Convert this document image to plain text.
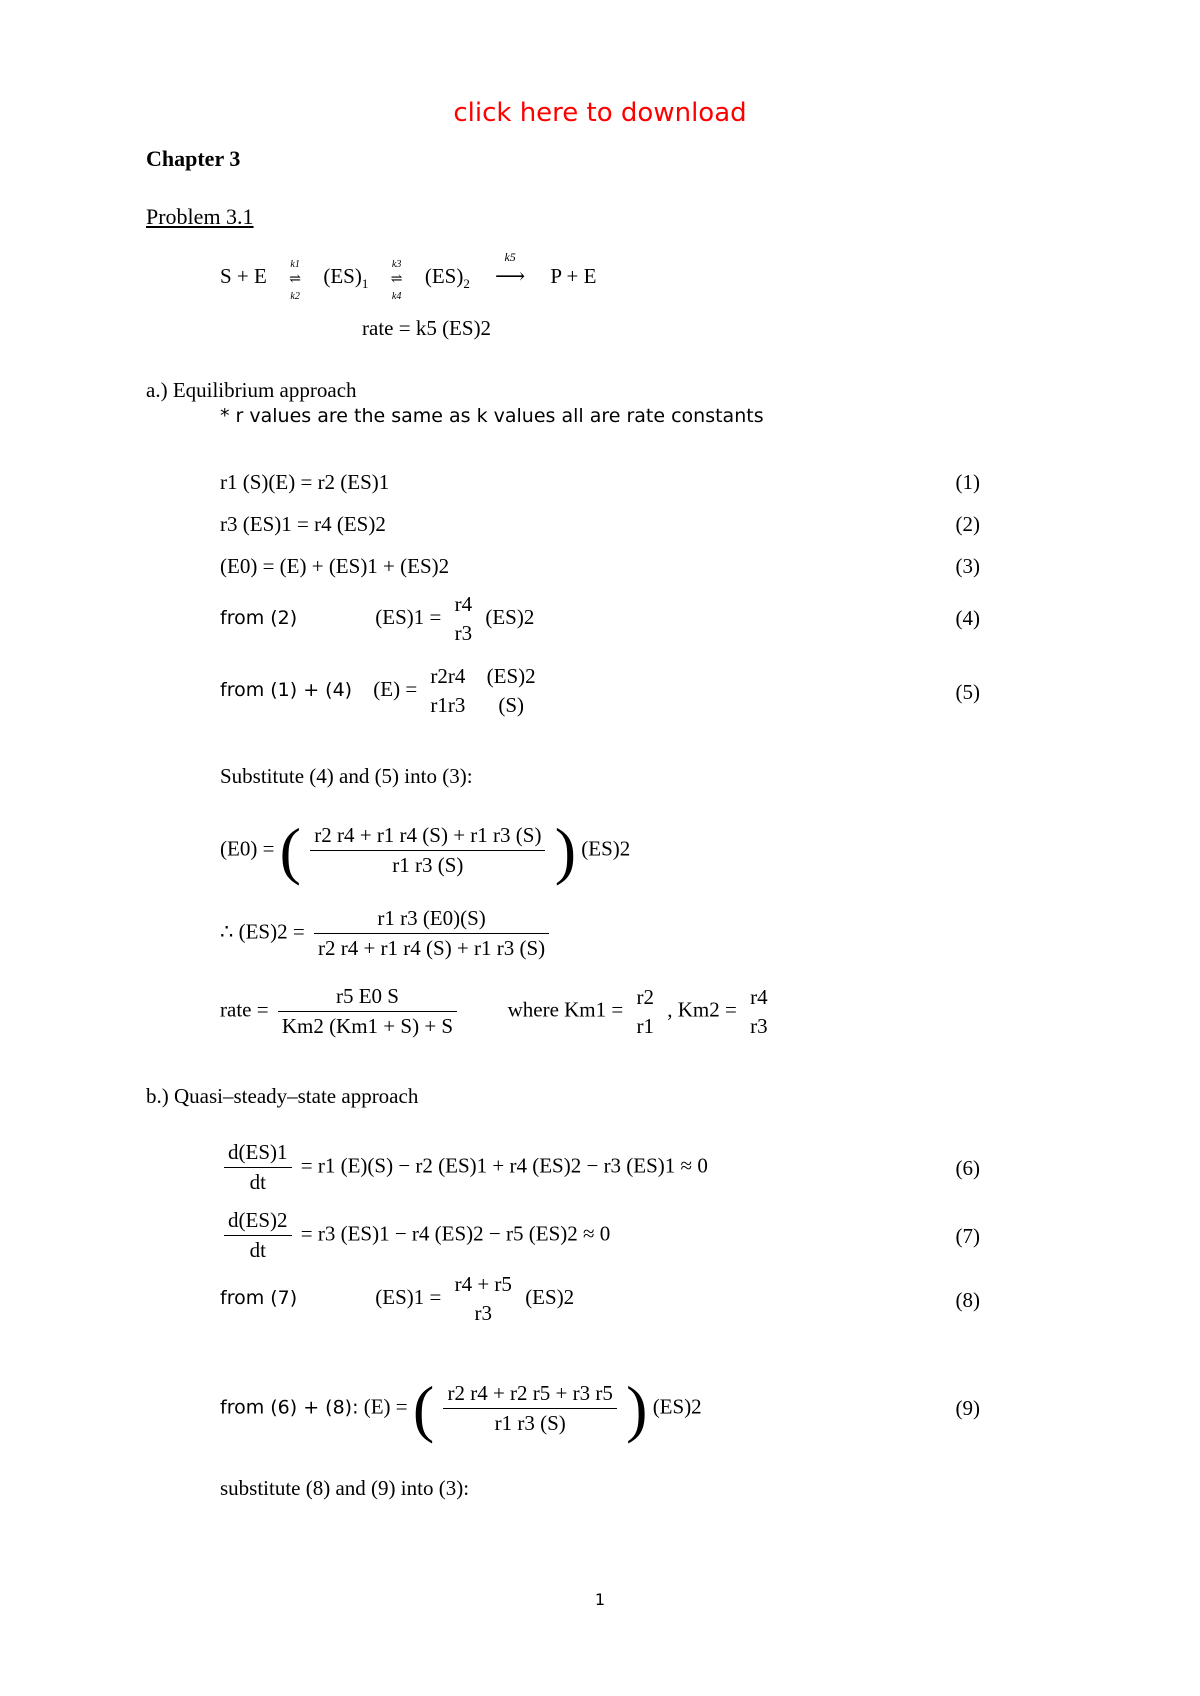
click here to download
Chapter 3
Problem 3.1
S + E	k1
⇌
k2
$(ES)_1$
k3
⇌
k4
$(ES)_2$
k5
⟶ P + E
rate = k5 (ES)2
a.) Equilibrium approach
* r values are the same as k values all are rate constants
r1 (S)(E) = r2 (ES)1	(1)
r3 (ES)1 = r4 (ES)2	(2)
(E0) = (E) + (ES)1 + (ES)2	(3)
from (2)	(ES)1 =
r4
r3
(ES)2	(4)
from (1) + (4) (E) =
r2r4
r1r3

(ES)2
(S)
(5)
Substitute (4) and (5) into (3):
(E0) = ( $\frac{r2 r4 + r1 r4 (S) + r1 r3 (S)}{r1 r3 (S)}$ ) (ES)2
∴ $(ES)2 = \frac{r1 r3 (E0)(S)}{r2 r4 + r1 r4 (S) + r1 r3 (S)}$
rate = $\frac{r5 E0 S}{Km2 (Km1 + S) + S}$ where Km1 =
r2
r1
, Km2 =
r4
r3
b.) Quasi–steady–state approach
$\frac{d(ES)1}{dt} = r1$ (E)(S) − r2 (ES)1 + r4 (ES)2 − r3 (ES)1 ≈ 0	(6)
$\frac{d(ES)2}{dt} = r3$ (ES)1 − r4 (ES)2 − r5 (ES)2 ≈ 0	(7)
from (7)	(ES)1 =
r4 + r5
r3
(ES)2	(8)
from (6) + (8): (E) = ( $\frac{r2 r4 + r2 r5 + r3 r5}{r1 r3 (S)}$ ) (ES)2	(9)
substitute (8) and (9) into (3):
1
